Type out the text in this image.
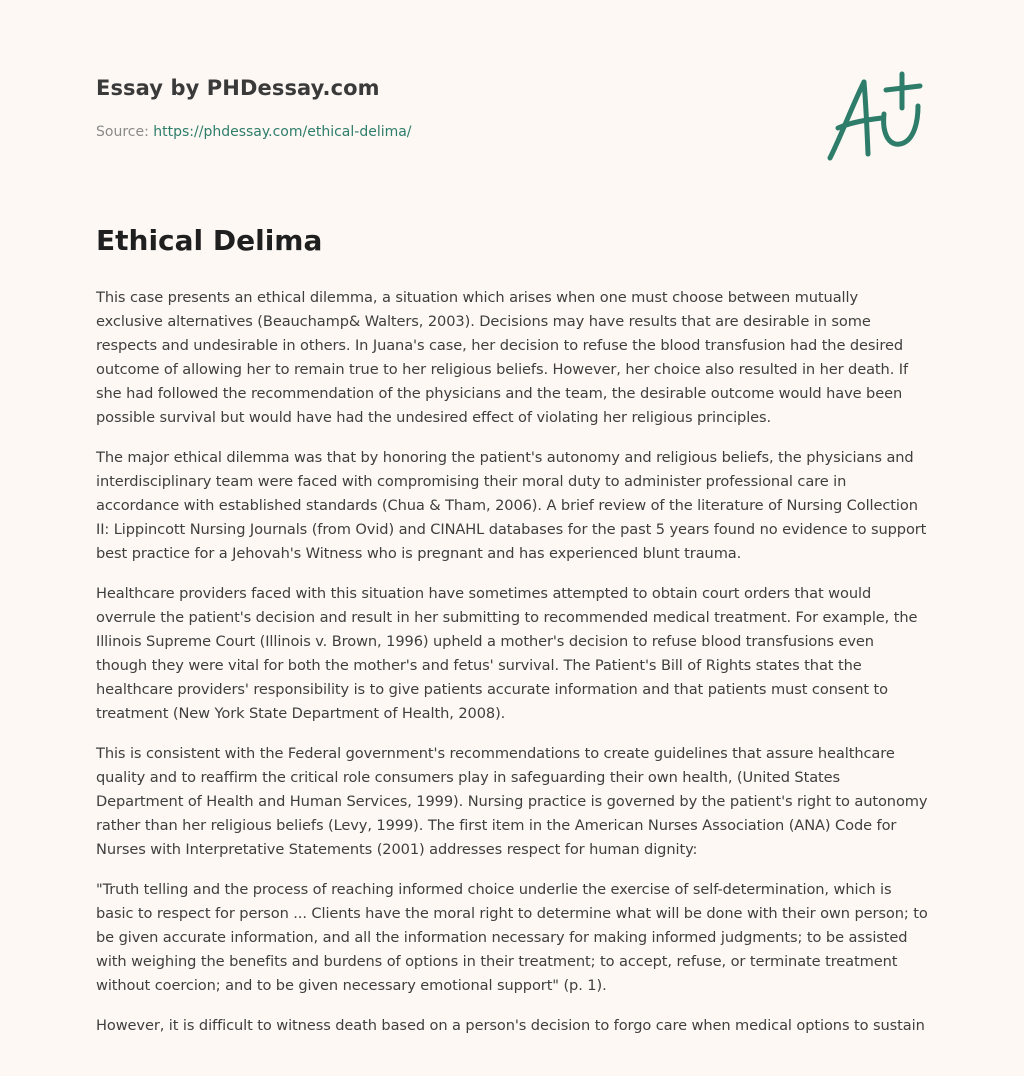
Essay by PHDessay.com
Source: https://phdessay.com/ethical-delima/
Ethical Delima

This case presents an ethical dilemma, a situation which arises when one must choose between mutually exclusive alternatives (Beauchamp& Walters, 2003). Decisions may have results that are desirable in some respects and undesirable in others. In Juana's case, her decision to refuse the blood transfusion had the desired outcome of allowing her to remain true to her religious beliefs. However, her choice also resulted in her death. If she had followed the recommendation of the physicians and the team, the desirable outcome would have been possible survival but would have had the undesired effect of violating her religious principles.

The major ethical dilemma was that by honoring the patient's autonomy and religious beliefs, the physicians and interdisciplinary team were faced with compromising their moral duty to administer professional care in accordance with established standards (Chua & Tham, 2006). A brief review of the literature of Nursing Collection II: Lippincott Nursing Journals (from Ovid) and CINAHL databases for the past 5 years found no evidence to support best practice for a Jehovah's Witness who is pregnant and has experienced blunt trauma.

Healthcare providers faced with this situation have sometimes attempted to obtain court orders that would overrule the patient's decision and result in her submitting to recommended medical treatment. For example, the Illinois Supreme Court (Illinois v. Brown, 1996) upheld a mother's decision to refuse blood transfusions even though they were vital for both the mother's and fetus' survival. The Patient's Bill of Rights states that the healthcare providers' responsibility is to give patients accurate information and that patients must consent to treatment (New York State Department of Health, 2008).

This is consistent with the Federal government's recommendations to create guidelines that assure healthcare quality and to reaffirm the critical role consumers play in safeguarding their own health, (United States Department of Health and Human Services, 1999). Nursing practice is governed by the patient's right to autonomy rather than her religious beliefs (Levy, 1999). The first item in the American Nurses Association (ANA) Code for Nurses with Interpretative Statements (2001) addresses respect for human dignity:

"Truth telling and the process of reaching informed choice underlie the exercise of self-determination, which is basic to respect for person ... Clients have the moral right to determine what will be done with their own person; to be given accurate information, and all the information necessary for making informed judgments; to be assisted with weighing the benefits and burdens of options in their treatment; to accept, refuse, or terminate treatment without coercion; and to be given necessary emotional support" (p. 1).

However, it is difficult to witness death based on a person's decision to forgo care when medical options to sustain
